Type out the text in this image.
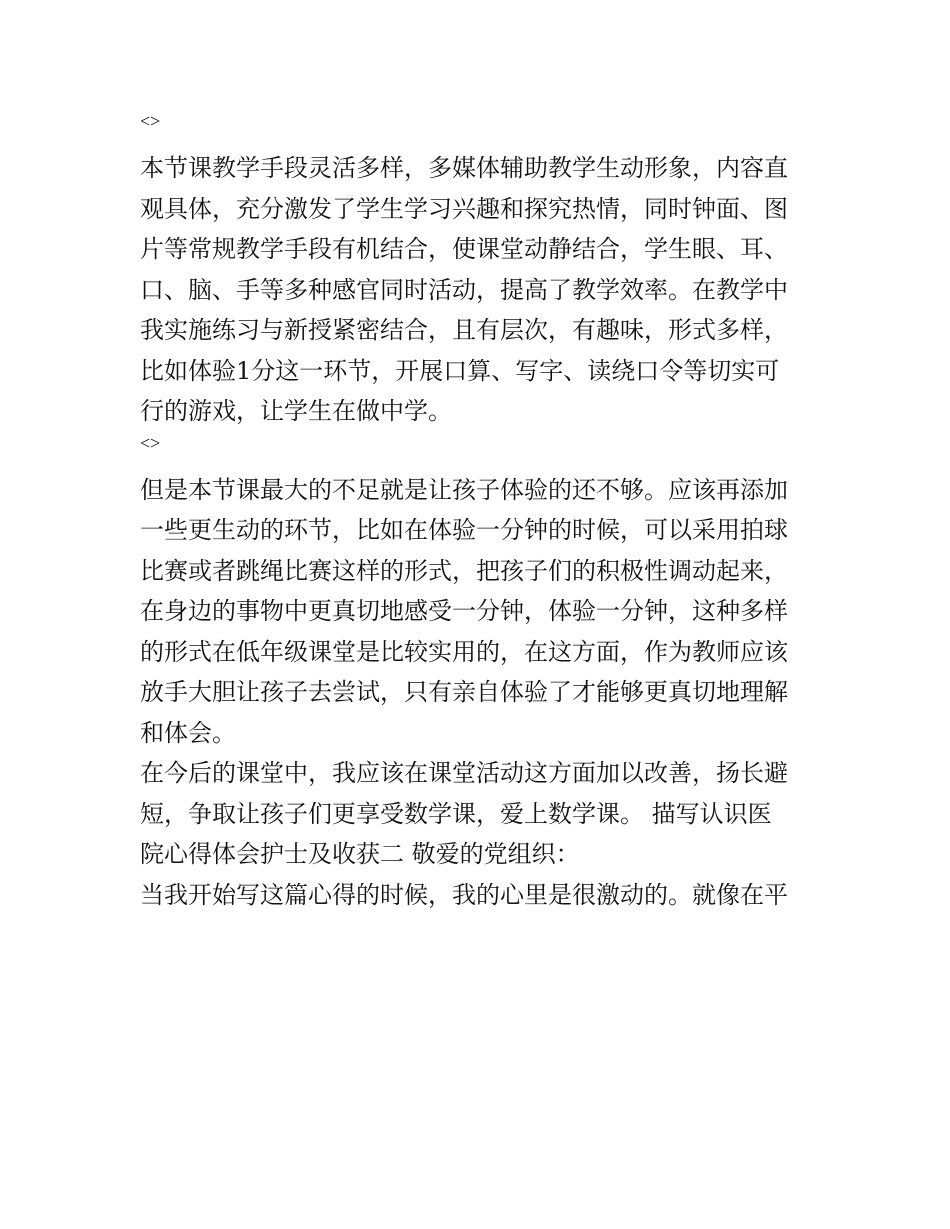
<>
本节课教学手段灵活多样，多媒体辅助教学生动形象，内容直
观具体，充分激发了学生学习兴趣和探究热情，同时钟面、图
片等常规教学手段有机结合，使课堂动静结合，学生眼、耳、
口、脑、手等多种感官同时活动，提高了教学效率。在教学中
我实施练习与新授紧密结合，且有层次，有趣味，形式多样，
比如体验1分这一环节，开展口算、写字、读绕口令等切实可
行的游戏，让学生在做中学。
<>
但是本节课最大的不足就是让孩子体验的还不够。应该再添加
一些更生动的环节，比如在体验一分钟的时候，可以采用拍球
比赛或者跳绳比赛这样的形式，把孩子们的积极性调动起来，
在身边的事物中更真切地感受一分钟，体验一分钟，这种多样
的形式在低年级课堂是比较实用的，在这方面，作为教师应该
放手大胆让孩子去尝试，只有亲自体验了才能够更真切地理解
和体会。
在今后的课堂中，我应该在课堂活动这方面加以改善，扬长避
短，争取让孩子们更享受数学课，爱上数学课。 描写认识医
院心得体会护士及收获二 敬爱的党组织：
当我开始写这篇心得的时候，我的心里是很激动的。就像在平
